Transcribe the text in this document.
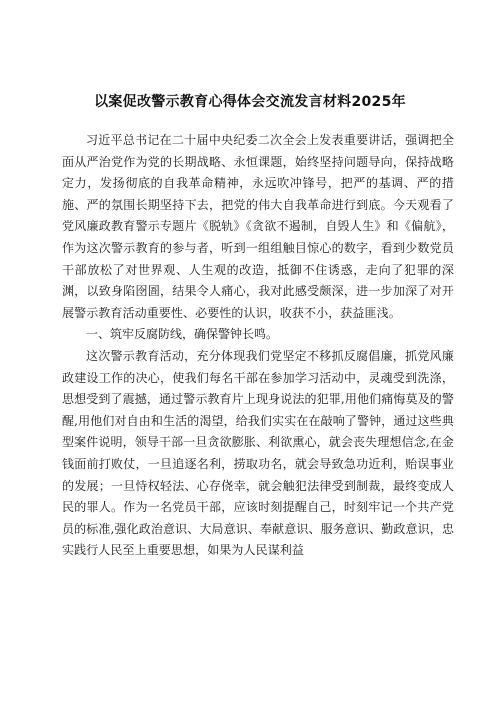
以案促改警示教育心得体会交流发言材料2025年

习近平总书记在二十届中央纪委二次全会上发表重要讲话，强调把全面从严治党作为党的长期战略、永恒课题，始终坚持问题导向，保持战略定力，发扬彻底的自我革命精神，永远吹冲锋号，把严的基调、严的措施、严的氛围长期坚持下去，把党的伟大自我革命进行到底。今天观看了党风廉政教育警示专题片《脱轨》《贪欲不遏制，自毁人生》和《偏航》，作为这次警示教育的参与者，听到一组组触目惊心的数字，看到少数党员干部放松了对世界观、人生观的改造，抵御不住诱惑，走向了犯罪的深渊，以致身陷囹圄，结果令人痛心，我对此感受颇深，进一步加深了对开展警示教育活动重要性、必要性的认识，收获不小，获益匪浅。

一、筑牢反腐防线，确保警钟长鸣。

这次警示教育活动，充分体现我们党坚定不移抓反腐倡廉，抓党风廉政建设工作的决心，使我们每名干部在参加学习活动中，灵魂受到洗涤，思想受到了震撼，通过警示教育片上现身说法的犯罪,用他们痛悔莫及的警醒,用他们对自由和生活的渴望，给我们实实在在敲响了警钟，通过这些典型案件说明，领导干部一旦贪欲膨胀、利欲熏心，就会丧失理想信念,在金钱面前打败仗，一旦追逐名利，捞取功名，就会导致急功近利，贻误事业的发展；一旦恃权轻法、心存侥幸，就会触犯法律受到制裁，最终变成人民的罪人。作为一名党员干部，应该时刻提醒自己，时刻牢记一个共产党员的标准,强化政治意识、大局意识、奉献意识、服务意识、勤政意识，忠实践行人民至上重要思想，如果为人民谋利益
